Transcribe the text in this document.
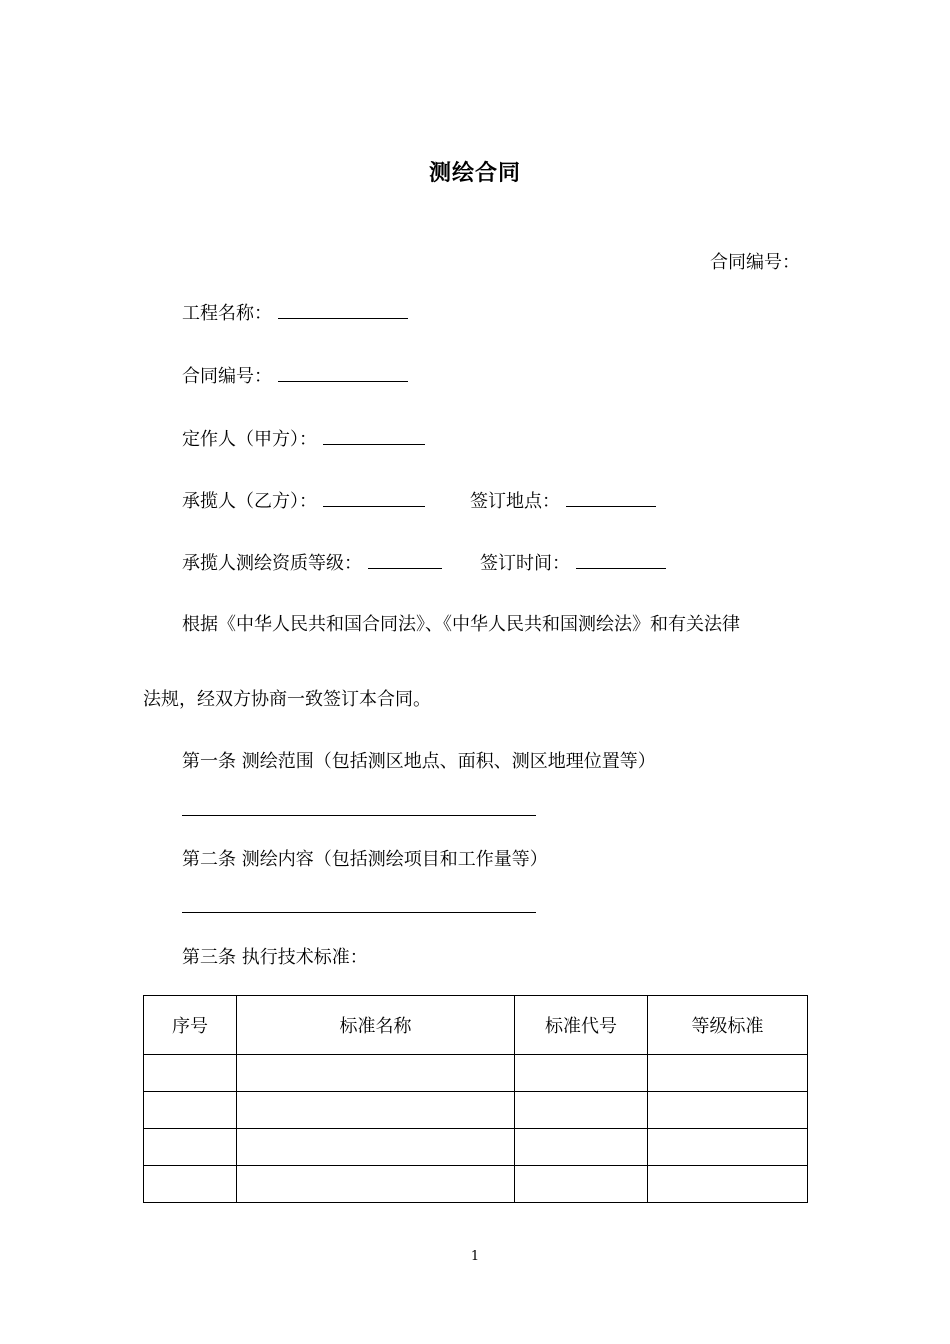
测绘合同
合同编号：
工程名称：
合同编号：
定作人（甲方）：
承揽人（乙方）：	签订地点：
承揽人测绘资质等级：	签订时间：
根据《中华人民共和国合同法》、《中华人民共和国测绘法》和有关法律
法规，经双方协商一致签订本合同。
第一条 测绘范围（包括测区地点、面积、测区地理位置等）
第二条 测绘内容（包括测绘项目和工作量等）
第三条 执行技术标准：
序号	标准名称	标准代号	等级标准

1
